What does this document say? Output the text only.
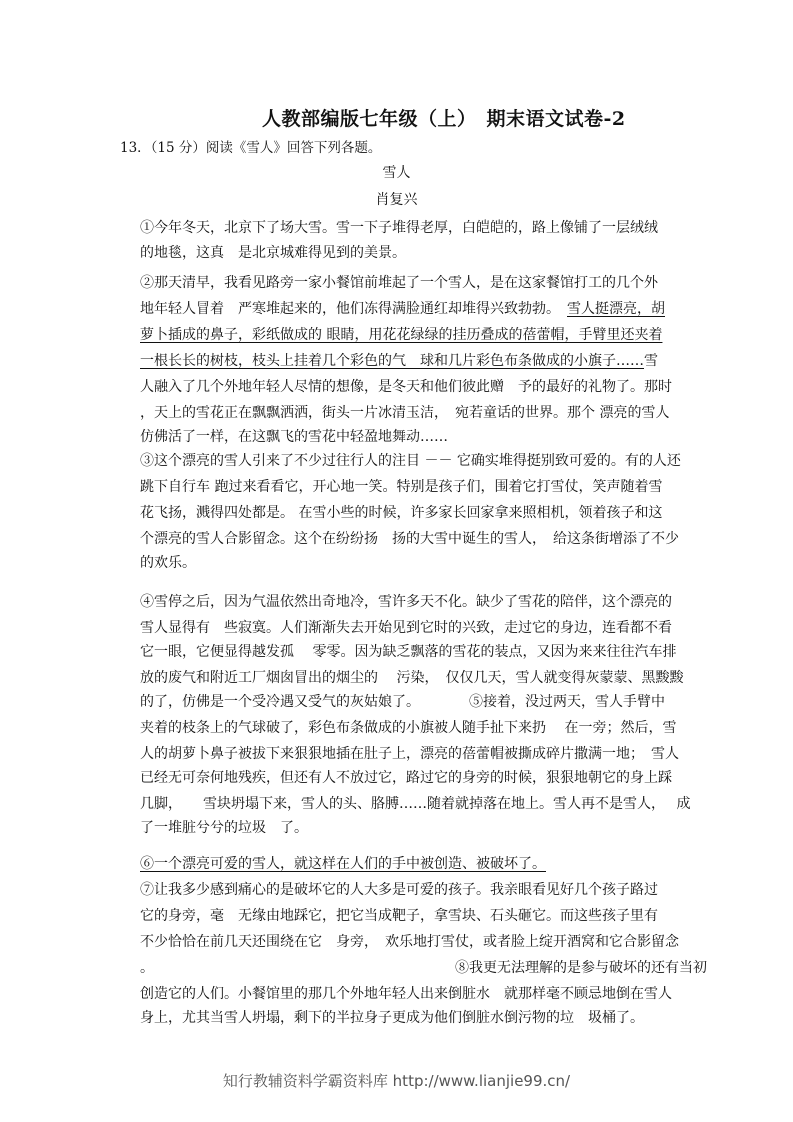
人教部编版七年级（上）　期末语文试卷-2
13．（15 分）阅读《雪人》回答下列各题。
雪人
肖复兴
①今年冬天，北京下了场大雪。雪一下子堆得老厚，白皑皑的，路上像铺了一层绒绒
的地毯，这真　是北京城难得见到的美景。
②那天清早，我看见路旁一家小餐馆前堆起了一个雪人，是在这家餐馆打工的几个外
地年轻人冒着　严寒堆起来的，他们冻得满脸通红却堆得兴致勃勃。　雪人挺漂亮，胡
萝卜插成的鼻子，彩纸做成的 眼睛，用花花绿绿的挂历叠成的蓓蕾帽，手臂里还夹着
一根长长的树枝，枝头上挂着几个彩色的气　球和几片彩色布条做成的小旗子……雪
人融入了几个外地年轻人尽情的想像，是冬天和他们彼此赠　予的最好的礼物了。那时
，天上的雪花正在飘飘洒洒，街头一片冰清玉洁，　宛若童话的世界。那个 漂亮的雪人
仿佛活了一样，在这飘飞的雪花中轻盈地舞动……
③这个漂亮的雪人引来了不少过往行人的注目 －－ 它确实堆得挺别致可爱的。有的人还
跳下自行车 跑过来看看它，开心地一笑。特别是孩子们，围着它打雪仗，笑声随着雪
花飞扬，溅得四处都是。 在雪小些的时候，许多家长回家拿来照相机，领着孩子和这
个漂亮的雪人合影留念。这个在纷纷扬　扬的大雪中诞生的雪人，　给这条街增添了不少
的欢乐。
④雪停之后，因为气温依然出奇地冷，雪许多天不化。缺少了雪花的陪伴，这个漂亮的
雪人显得有　些寂寞。人们渐渐失去开始见到它时的兴致，走过它的身边，连看都不看
它一眼，它便显得越发孤　 零零。因为缺乏飘落的雪花的装点，又因为来来往往汽车排
放的废气和附近工厂烟囱冒出的烟尘的　 污染，　仅仅几天，雪人就变得灰蒙蒙、黑黢黢
的了，仿佛是一个受冷遇又受气的灰姑娘了。　　　　⑤接着，没过两天，雪人手臂中
夹着的枝条上的气球破了，彩色布条做成的小旗被人随手扯下来扔　 在一旁；然后，雪
人的胡萝卜鼻子被拔下来狠狠地插在肚子上，漂亮的蓓蕾帽被撕成碎片撒满一地；　雪人
已经无可奈何地残疾，但还有人不放过它，路过它的身旁的时候，狠狠地朝它的身上踩
几脚，　　雪块坍塌下来，雪人的头、胳膊……随着就掉落在地上。雪人再不是雪人，　 成
了一堆脏兮兮的垃圾　了。
⑥一个漂亮可爱的雪人，就这样在人们的手中被创造、被破坏了。
⑦让我多少感到痛心的是破坏它的人大多是可爱的孩子。我亲眼看见好几个孩子路过
它的身旁，毫　无缘由地踩它，把它当成靶子，拿雪块、石头砸它。而这些孩子里有
不少恰恰在前几天还围绕在它　身旁，　欢乐地打雪仗，或者脸上绽开酒窝和它合影留念
。　　　　　　　　　　　　　　　　　　　　　　⑧我更无法理解的是参与破坏的还有当初
创造它的人们。小餐馆里的那几个外地年轻人出来倒脏水　就那样毫不顾忌地倒在雪人
身上，尤其当雪人坍塌，剩下的半拉身子更成为他们倒脏水倒污物的垃　圾桶了。
知行教辅资料学霸资料库 http://www.lianjie99.cn/
